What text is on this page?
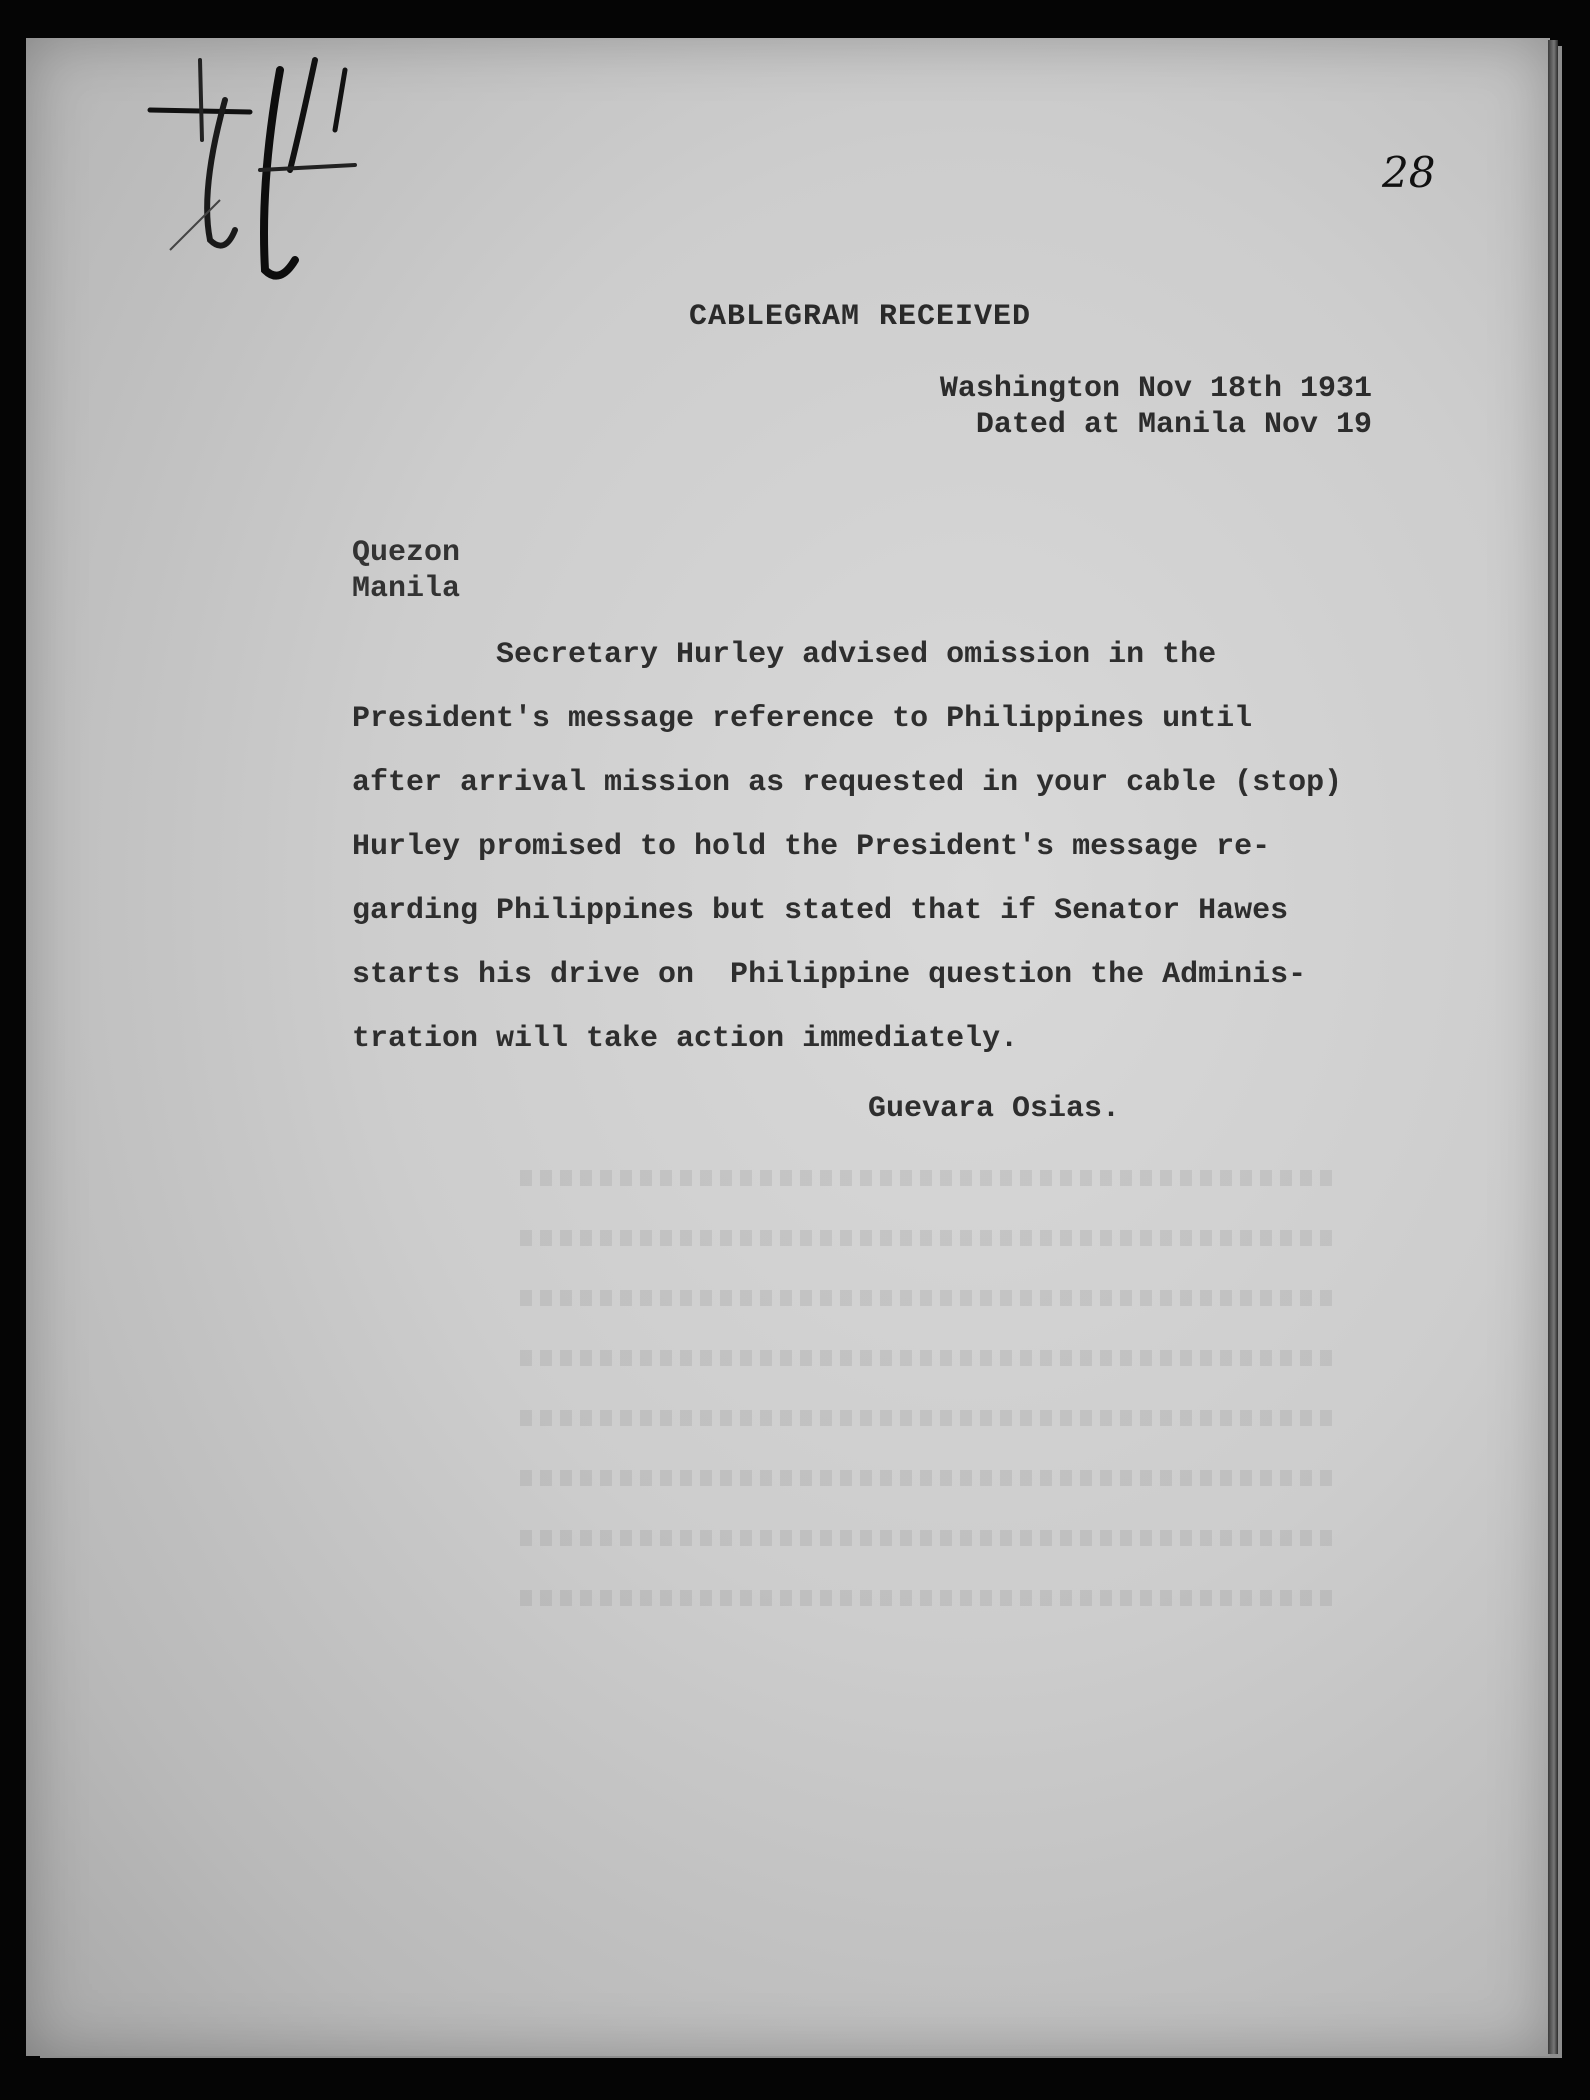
28
CABLEGRAM RECEIVED
Washington Nov 18th 1931
Dated at Manila Nov 19
Quezon
Manila
Secretary Hurley advised omission in the
President's message reference to Philippines until
after arrival mission as requested in your cable (stop)
Hurley promised to hold the President's message re-
garding Philippines but stated that if Senator Hawes
starts his drive on  Philippine question the Adminis-
tration will take action immediately.
Guevara Osias.
